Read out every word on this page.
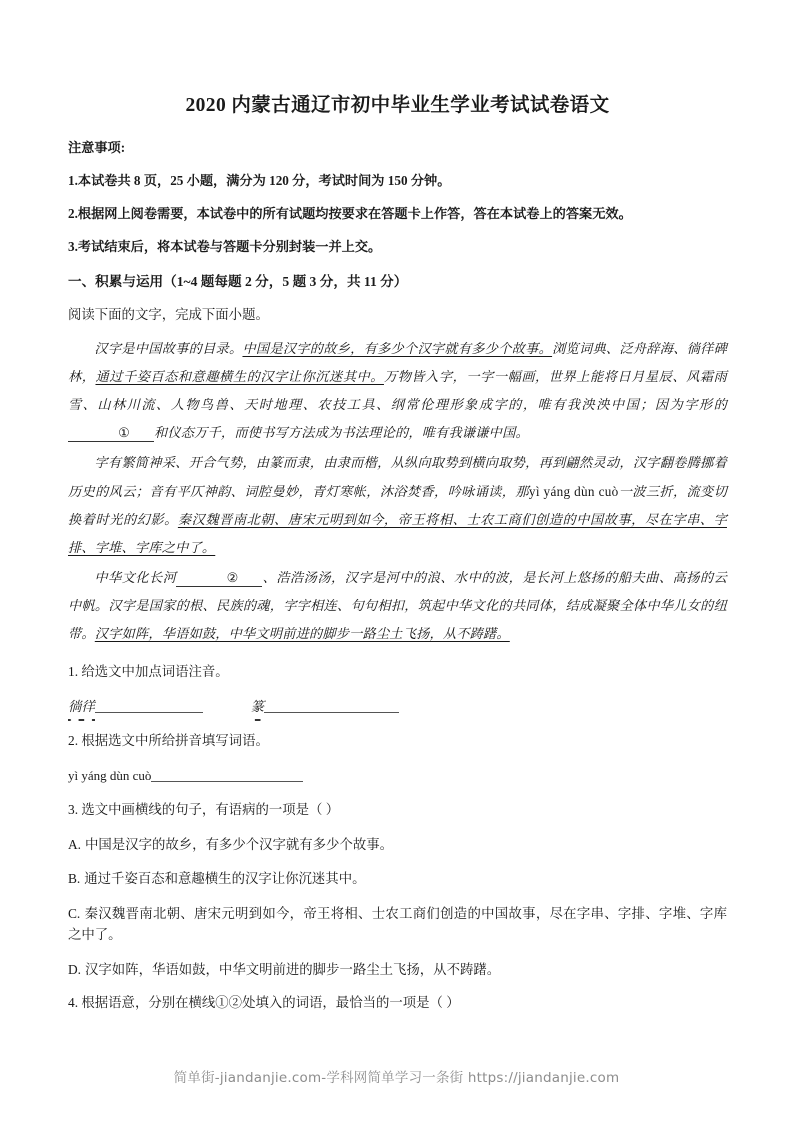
2020 内蒙古通辽市初中毕业生学业考试试卷语文
注意事项:
1.本试卷共 8 页，25 小题，满分为 120 分，考试时间为 150 分钟。
2.根据网上阅卷需要，本试卷中的所有试题均按要求在答题卡上作答，答在本试卷上的答案无效。
3.考试结束后，将本试卷与答题卡分别封装一并上交。
一、积累与运用（1~4 题每题 2 分，5 题 3 分，共 11 分）
阅读下面的文字，完成下面小题。

汉字是中国故事的目录。中国是汉字的故乡，有多少个汉字就有多少个故事。浏览词典、泛舟辞海、徜徉碑林，通过千姿百态和意趣横生的汉字让你沉迷其中。万物皆入字，一字一幅画，世界上能将日月星辰、风霜雨雪、山林川流、人物鸟兽、天时地理、农技工具、纲常伦理形象成字的，唯有我泱泱中国；因为字形的① 和仪态万千，而使书写方法成为书法理论的，唯有我谦谦中国。

字有繁简神采、开合气势，由篆而隶，由隶而楷，从纵向取势到横向取势，再到翩然灵动，汉字翻卷腾挪着历史的风云；音有平仄神韵、词腔曼妙，青灯寒帐，沐浴焚香，吟咏诵读，那yì yáng dùn cuò一波三折，流变切换着时光的幻影。秦汉魏晋南北朝、唐宋元明到如今，帝王将相、士农工商们创造的中国故事，尽在字串、字排、字堆、字库之中了。

中华文化长河	② 、浩浩汤汤，汉字是河中的浪、水中的波，是长河上悠扬的船夫曲、高扬的云中帆。汉字是国家的根、民族的魂，字字相连、句句相扣，筑起中华文化的共同体，结成凝聚全体中华儿女的纽带。汉字如阵，华语如鼓，中华文明前进的脚步一路尘土飞扬，从不踌躇。

1. 给选文中加点词语注音。
徜徉	篆
2. 根据选文中所给拼音填写词语。
yì yáng dùn cuò
3. 选文中画横线的句子，有语病的一项是（ ）
A. 中国是汉字的故乡，有多少个汉字就有多少个故事。
B. 通过千姿百态和意趣横生的汉字让你沉迷其中。
C. 秦汉魏晋南北朝、唐宋元明到如今，帝王将相、士农工商们创造的中国故事，尽在字串、字排、字堆、字库之中了。
D. 汉字如阵，华语如鼓，中华文明前进的脚步一路尘土飞扬，从不踌躇。
4. 根据语意，分别在横线①②处填入的词语，最恰当的一项是（ ）
简单街-jiandanjie.com-学科网简单学习一条街 https://jiandanjie.com
